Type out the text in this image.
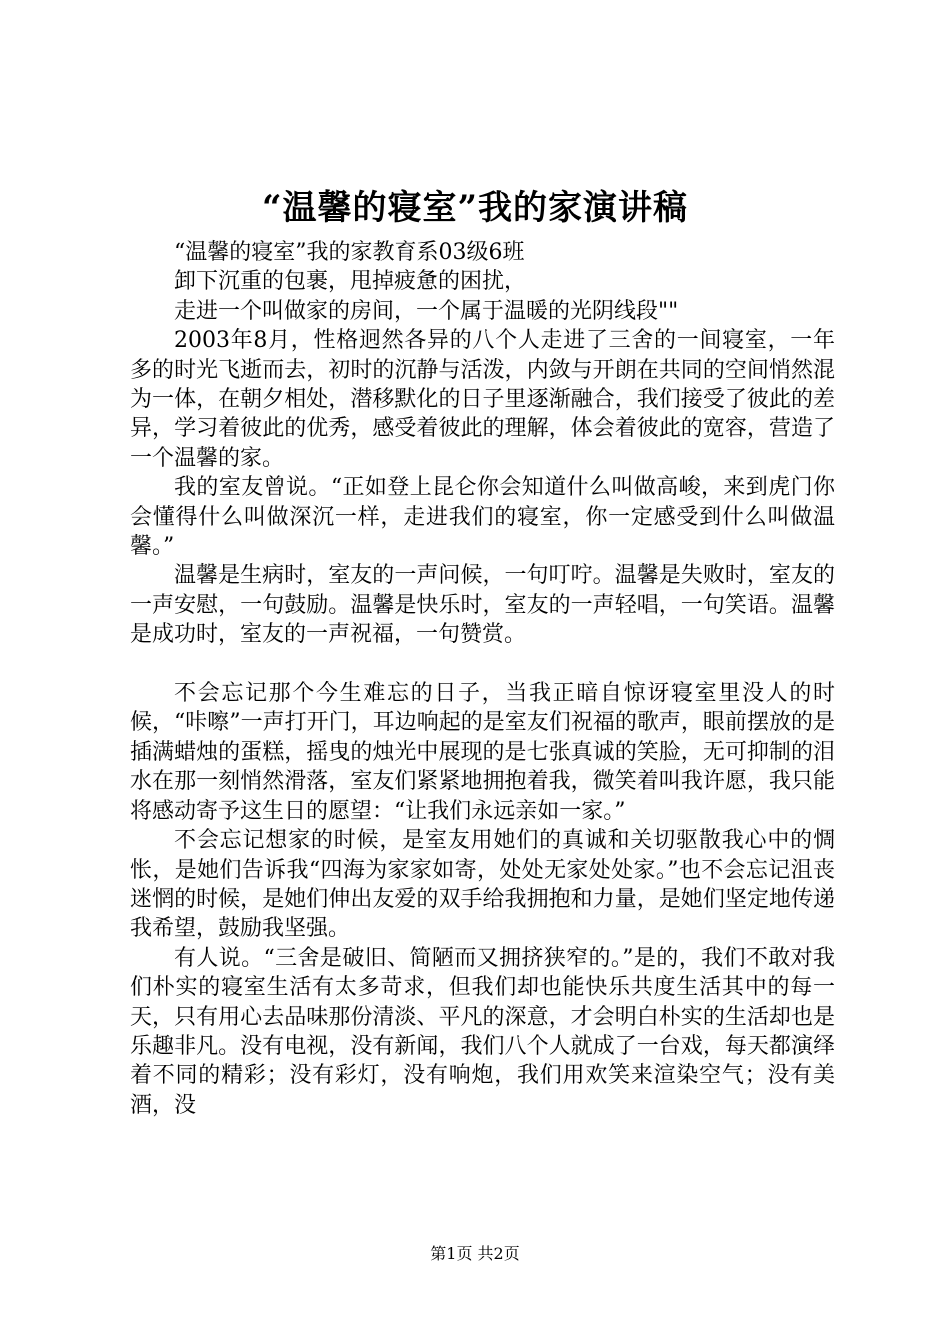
“温馨的寝室”我的家演讲稿

“温馨的寝室”我的家教育系03级6班

卸下沉重的包裹，甩掉疲惫的困扰，

走进一个叫做家的房间，一个属于温暖的光阴线段""

2003年8月，性格迥然各异的八个人走进了三舍的一间寝室，一年多的时光飞逝而去，初时的沉静与活泼，内敛与开朗在共同的空间悄然混为一体，在朝夕相处，潜移默化的日子里逐渐融合，我们接受了彼此的差异，学习着彼此的优秀，感受着彼此的理解，体会着彼此的宽容，营造了一个温馨的家。

我的室友曾说。“正如登上昆仑你会知道什么叫做高峻，来到虎门你会懂得什么叫做深沉一样，走进我们的寝室，你一定感受到什么叫做温馨。”

温馨是生病时，室友的一声问候，一句叮咛。温馨是失败时，室友的一声安慰，一句鼓励。温馨是快乐时，室友的一声轻唱，一句笑语。温馨是成功时，室友的一声祝福，一句赞赏。

不会忘记那个今生难忘的日子，当我正暗自惊讶寝室里没人的时候，“咔嚓”一声打开门，耳边响起的是室友们祝福的歌声，眼前摆放的是插满蜡烛的蛋糕，摇曳的烛光中展现的是七张真诚的笑脸，无可抑制的泪水在那一刻悄然滑落，室友们紧紧地拥抱着我，微笑着叫我许愿，我只能将感动寄予这生日的愿望：“让我们永远亲如一家。”

不会忘记想家的时候，是室友用她们的真诚和关切驱散我心中的惆怅，是她们告诉我“四海为家家如寄，处处无家处处家。”也不会忘记沮丧迷惘的时候，是她们伸出友爱的双手给我拥抱和力量，是她们坚定地传递我希望，鼓励我坚强。

有人说。“三舍是破旧、简陋而又拥挤狭窄的。”是的，我们不敢对我们朴实的寝室生活有太多苛求，但我们却也能快乐共度生活其中的每一天，只有用心去品味那份清淡、平凡的深意，才会明白朴实的生活却也是乐趣非凡。没有电视，没有新闻，我们八个人就成了一台戏，每天都演绎着不同的精彩；没有彩灯，没有响炮，我们用欢笑来渲染空气；没有美酒，没

第1页 共2页
